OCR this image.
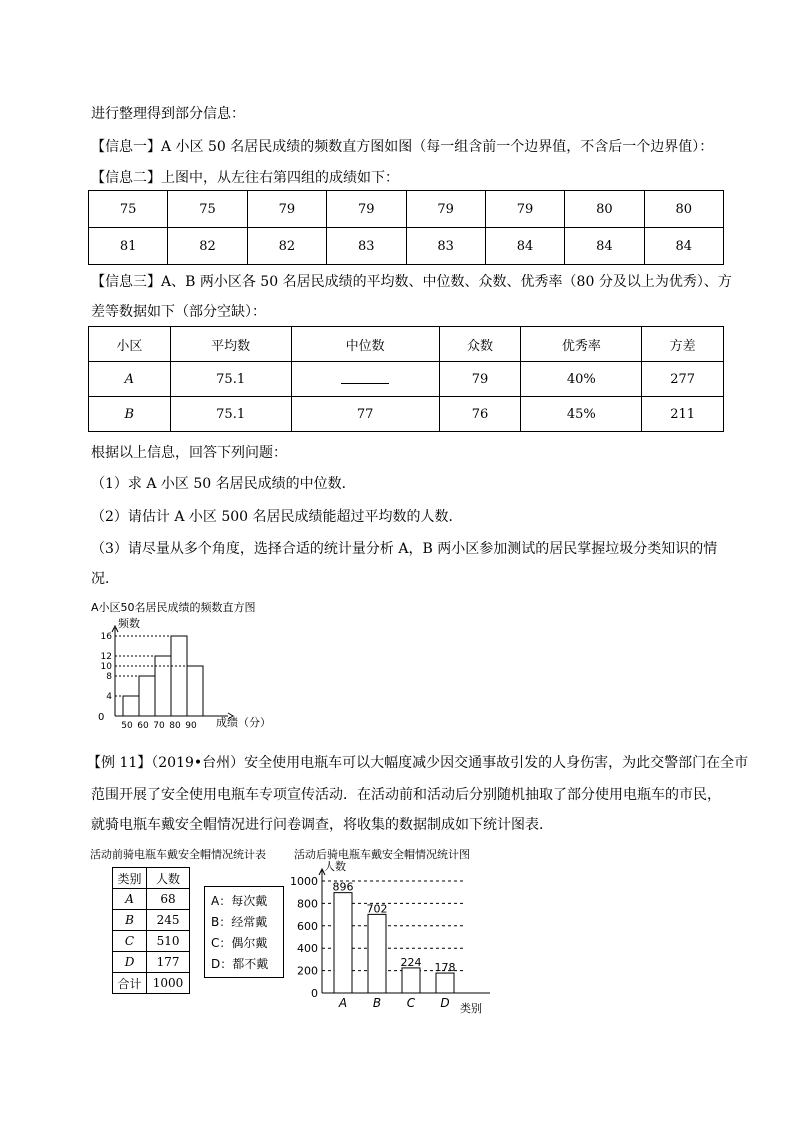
进行整理得到部分信息：
【信息一】A 小区 50 名居民成绩的频数直方图如图（每一组含前一个边界值，不含后一个边界值）：
【信息二】上图中，从左往右第四组的成绩如下：
75	75	79	79	79	79	80	80
81	82	82	83	83	84	84	84
【信息三】A、B 两小区各 50 名居民成绩的平均数、中位数、众数、优秀率（80 分及以上为优秀）、方
差等数据如下（部分空缺）：
小区	平均数	中位数	众数	优秀率	方差
A	75.1		79	40%	277
B	75.1	77	76	45%	211
根据以上信息，回答下列问题：
（1）求 A 小区 50 名居民成绩的中位数．
（2）请估计 A 小区 500 名居民成绩能超过平均数的人数．
（3）请尽量从多个角度，选择合适的统计量分析 A，B 两小区参加测试的居民掌握垃圾分类知识的情
况．
A小区50名居民成绩的频数直方图
频数
成绩（分）
0
4
8
10
12
16
50 60 70 80 90
【例 11】（2019•台州）安全使用电瓶车可以大幅度减少因交通事故引发的人身伤害，为此交警部门在全市
范围开展了安全使用电瓶车专项宣传活动．在活动前和活动后分别随机抽取了部分使用电瓶车的市民，
就骑电瓶车戴安全帽情况进行问卷调查，将收集的数据制成如下统计图表．
活动前骑电瓶车戴安全帽情况统计表
类别	人数
A	68
B	245
C	510
D	177
合计	1000
A：每次戴
B：经常戴
C：偶尔戴
D：都不戴
活动后骑电瓶车戴安全帽情况统计图
人数
类别
0
200
400
600
800
1000 896
A
702
B
224
C
178
D
